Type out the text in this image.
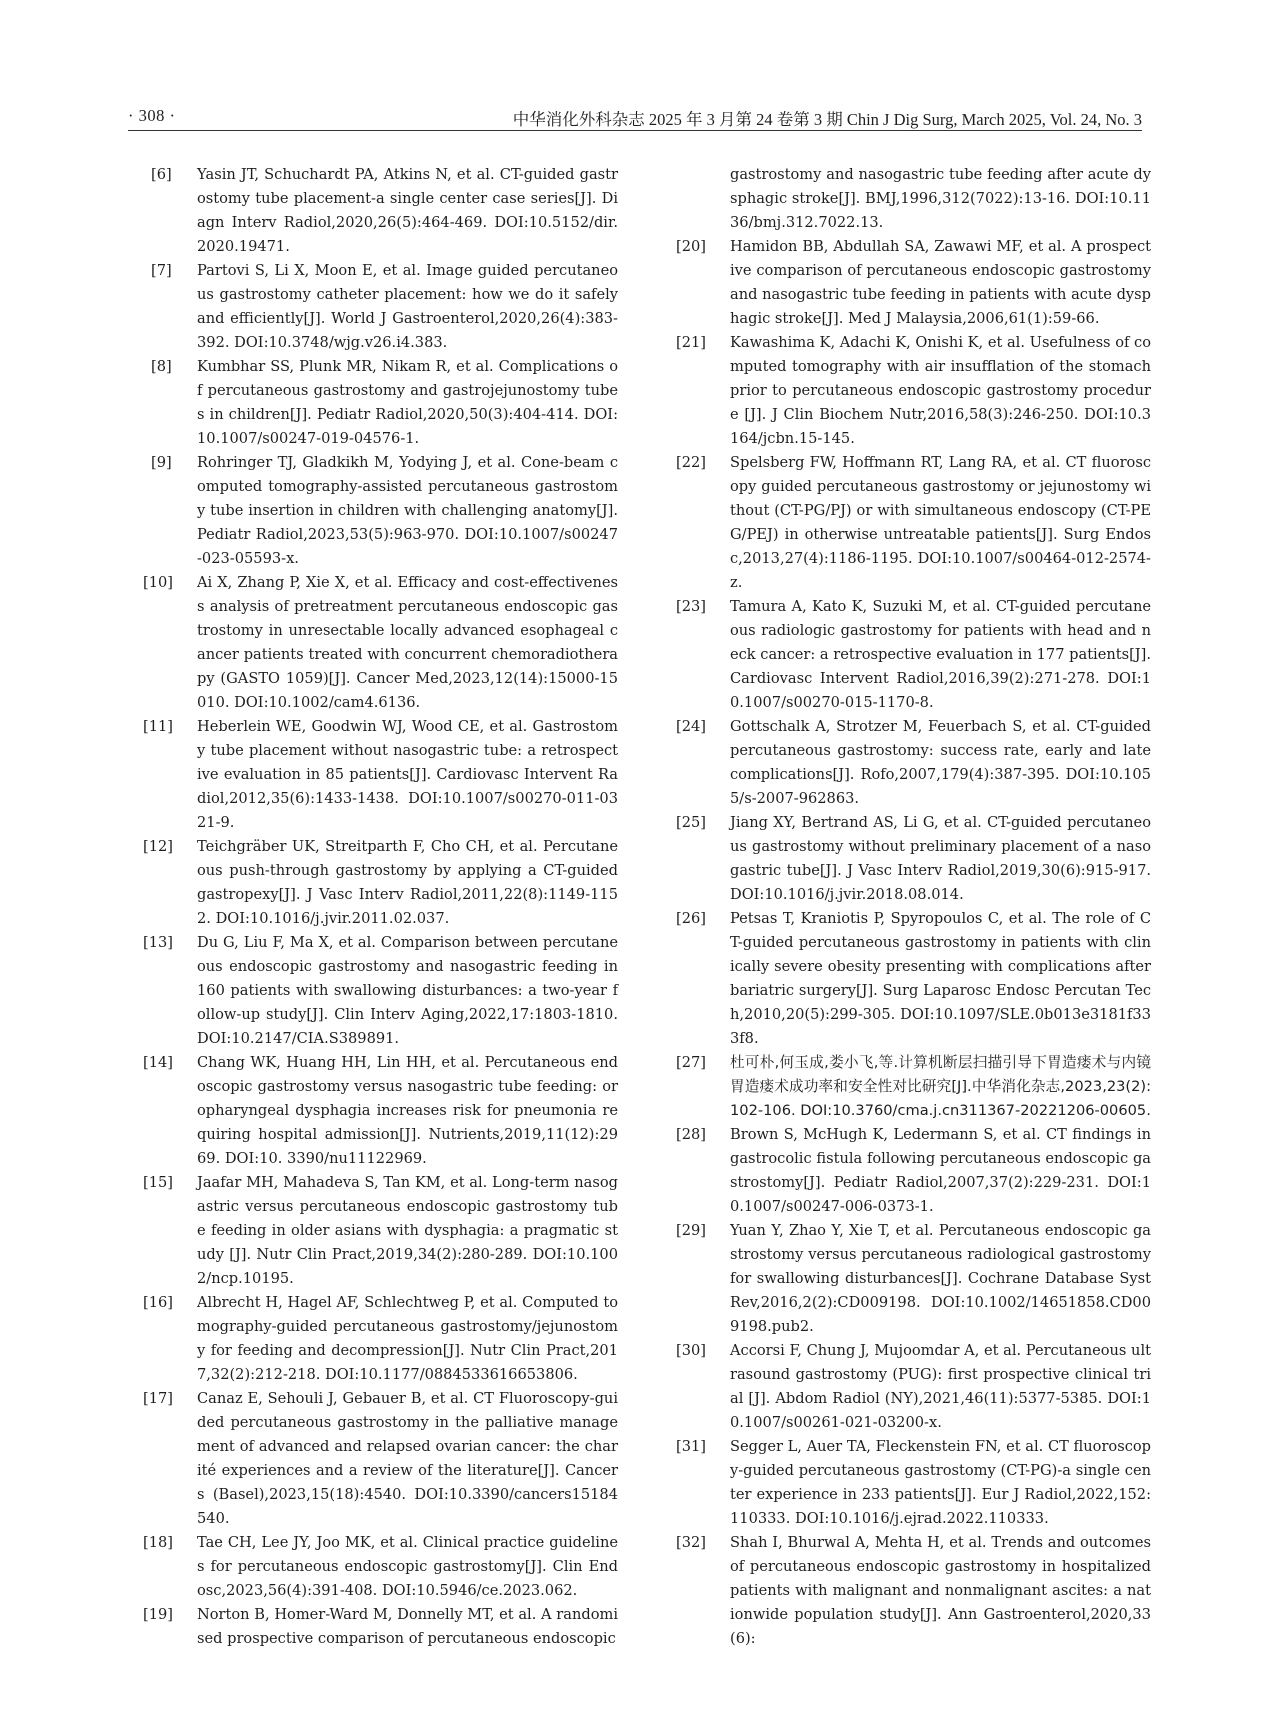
· 308 ·	中华消化外科杂志 2025 年 3 月第 24 卷第 3 期 Chin J Dig Surg, March 2025, Vol. 24, No. 3
[6]	Yasin JT, Schuchardt PA, Atkins N, et al. CT-guided gastrostomy tube placement-a single center case series[J]. Diagn Interv Radiol,2020,26(5):464-469. DOI:10.5152/dir.2020.19471.
[7]	Partovi S, Li X, Moon E, et al. Image guided percutaneous gastrostomy catheter placement: how we do it safely and efficiently[J]. World J Gastroenterol,2020,26(4):383-392. DOI:10.3748/wjg.v26.i4.383.
[8]	Kumbhar SS, Plunk MR, Nikam R, et al. Complications of percutaneous gastrostomy and gastrojejunostomy tubes in children[J]. Pediatr Radiol,2020,50(3):404-414. DOI:10.1007/s00247-019-04576-1.
[9]	Rohringer TJ, Gladkikh M, Yodying J, et al. Cone-beam computed tomography-assisted percutaneous gastrostomy tube insertion in children with challenging anatomy[J]. Pediatr Radiol,2023,53(5):963-970. DOI:10.1007/s00247-023-05593-x.
[10]	Ai X, Zhang P, Xie X, et al. Efficacy and cost-effectiveness analysis of pretreatment percutaneous endoscopic gastrostomy in unresectable locally advanced esophageal cancer patients treated with concurrent chemoradiotherapy (GASTO 1059)[J]. Cancer Med,2023,12(14):15000-15010. DOI:10.1002/cam4.6136.
[11]	Heberlein WE, Goodwin WJ, Wood CE, et al. Gastrostomy tube placement without nasogastric tube: a retrospective evaluation in 85 patients[J]. Cardiovasc Intervent Radiol,2012,35(6):1433-1438. DOI:10.1007/s00270-011-0321-9.
[12]	Teichgräber UK, Streitparth F, Cho CH, et al. Percutaneous push-through gastrostomy by applying a CT-guided gastropexy[J]. J Vasc Interv Radiol,2011,22(8):1149-1152. DOI:10.1016/j.jvir.2011.02.037.
[13]	Du G, Liu F, Ma X, et al. Comparison between percutaneous endoscopic gastrostomy and nasogastric feeding in 160 patients with swallowing disturbances: a two-year follow-up study[J]. Clin Interv Aging,2022,17:1803-1810. DOI:10.2147/CIA.S389891.
[14]	Chang WK, Huang HH, Lin HH, et al. Percutaneous endoscopic gastrostomy versus nasogastric tube feeding: oropharyngeal dysphagia increases risk for pneumonia requiring hospital admission[J]. Nutrients,2019,11(12):2969. DOI:10. 3390/nu11122969.
[15]	Jaafar MH, Mahadeva S, Tan KM, et al. Long-term nasogastric versus percutaneous endoscopic gastrostomy tube feeding in older asians with dysphagia: a pragmatic study [J]. Nutr Clin Pract,2019,34(2):280-289. DOI:10.1002/ncp.10195.
[16]	Albrecht H, Hagel AF, Schlechtweg P, et al. Computed tomography-guided percutaneous gastrostomy/jejunostomy for feeding and decompression[J]. Nutr Clin Pract,2017,32(2):212-218. DOI:10.1177/0884533616653806.
[17]	Canaz E, Sehouli J, Gebauer B, et al. CT Fluoroscopy-guided percutaneous gastrostomy in the palliative management of advanced and relapsed ovarian cancer: the charité experiences and a review of the literature[J]. Cancers (Basel),2023,15(18):4540. DOI:10.3390/cancers15184540.
[18]	Tae CH, Lee JY, Joo MK, et al. Clinical practice guidelines for percutaneous endoscopic gastrostomy[J]. Clin Endosc,2023,56(4):391-408. DOI:10.5946/ce.2023.062.
[19]	Norton B, Homer-Ward M, Donnelly MT, et al. A randomised prospective comparison of percutaneous endoscopic
gastrostomy and nasogastric tube feeding after acute dysphagic stroke[J]. BMJ,1996,312(7022):13-16. DOI:10.1136/bmj.312.7022.13.
[20]	Hamidon BB, Abdullah SA, Zawawi MF, et al. A prospective comparison of percutaneous endoscopic gastrostomy and nasogastric tube feeding in patients with acute dysphagic stroke[J]. Med J Malaysia,2006,61(1):59-66.
[21]	Kawashima K, Adachi K, Onishi K, et al. Usefulness of computed tomography with air insufflation of the stomach prior to percutaneous endoscopic gastrostomy procedure [J]. J Clin Biochem Nutr,2016,58(3):246-250. DOI:10.3164/jcbn.15-145.
[22]	Spelsberg FW, Hoffmann RT, Lang RA, et al. CT fluoroscopy guided percutaneous gastrostomy or jejunostomy without (CT-PG/PJ) or with simultaneous endoscopy (CT-PEG/PEJ) in otherwise untreatable patients[J]. Surg Endosc,2013,27(4):1186-1195. DOI:10.1007/s00464-012-2574-z.
[23]	Tamura A, Kato K, Suzuki M, et al. CT-guided percutaneous radiologic gastrostomy for patients with head and neck cancer: a retrospective evaluation in 177 patients[J]. Cardiovasc Intervent Radiol,2016,39(2):271-278. DOI:10.1007/s00270-015-1170-8.
[24]	Gottschalk A, Strotzer M, Feuerbach S, et al. CT-guided percutaneous gastrostomy: success rate, early and late complications[J]. Rofo,2007,179(4):387-395. DOI:10.1055/s-2007-962863.
[25]	Jiang XY, Bertrand AS, Li G, et al. CT-guided percutaneous gastrostomy without preliminary placement of a nasogastric tube[J]. J Vasc Interv Radiol,2019,30(6):915-917. DOI:10.1016/j.jvir.2018.08.014.
[26]	Petsas T, Kraniotis P, Spyropoulos C, et al. The role of CT-guided percutaneous gastrostomy in patients with clinically severe obesity presenting with complications after bariatric surgery[J]. Surg Laparosc Endosc Percutan Tech,2010,20(5):299-305. DOI:10.1097/SLE.0b013e3181f333f8.
[27]	杜可朴,何玉成,娄小飞,等.计算机断层扫描引导下胃造瘘术与内镜胃造瘘术成功率和安全性对比研究[J].中华消化杂志,2023,23(2):102-106. DOI:10.3760/cma.j.cn311367-20221206-00605.
[28]	Brown S, McHugh K, Ledermann S, et al. CT findings in gastrocolic fistula following percutaneous endoscopic gastrostomy[J]. Pediatr Radiol,2007,37(2):229-231. DOI:10.1007/s00247-006-0373-1.
[29]	Yuan Y, Zhao Y, Xie T, et al. Percutaneous endoscopic gastrostomy versus percutaneous radiological gastrostomy for swallowing disturbances[J]. Cochrane Database Syst Rev,2016,2(2):CD009198. DOI:10.1002/14651858.CD009198.pub2.
[30]	Accorsi F, Chung J, Mujoomdar A, et al. Percutaneous ultrasound gastrostomy (PUG): first prospective clinical trial [J]. Abdom Radiol (NY),2021,46(11):5377-5385. DOI:10.1007/s00261-021-03200-x.
[31]	Segger L, Auer TA, Fleckenstein FN, et al. CT fluoroscopy-guided percutaneous gastrostomy (CT-PG)-a single center experience in 233 patients[J]. Eur J Radiol,2022,152:110333. DOI:10.1016/j.ejrad.2022.110333.
[32]	Shah I, Bhurwal A, Mehta H, et al. Trends and outcomes of percutaneous endoscopic gastrostomy in hospitalized patients with malignant and nonmalignant ascites: a nationwide population study[J]. Ann Gastroenterol,2020,33(6):
